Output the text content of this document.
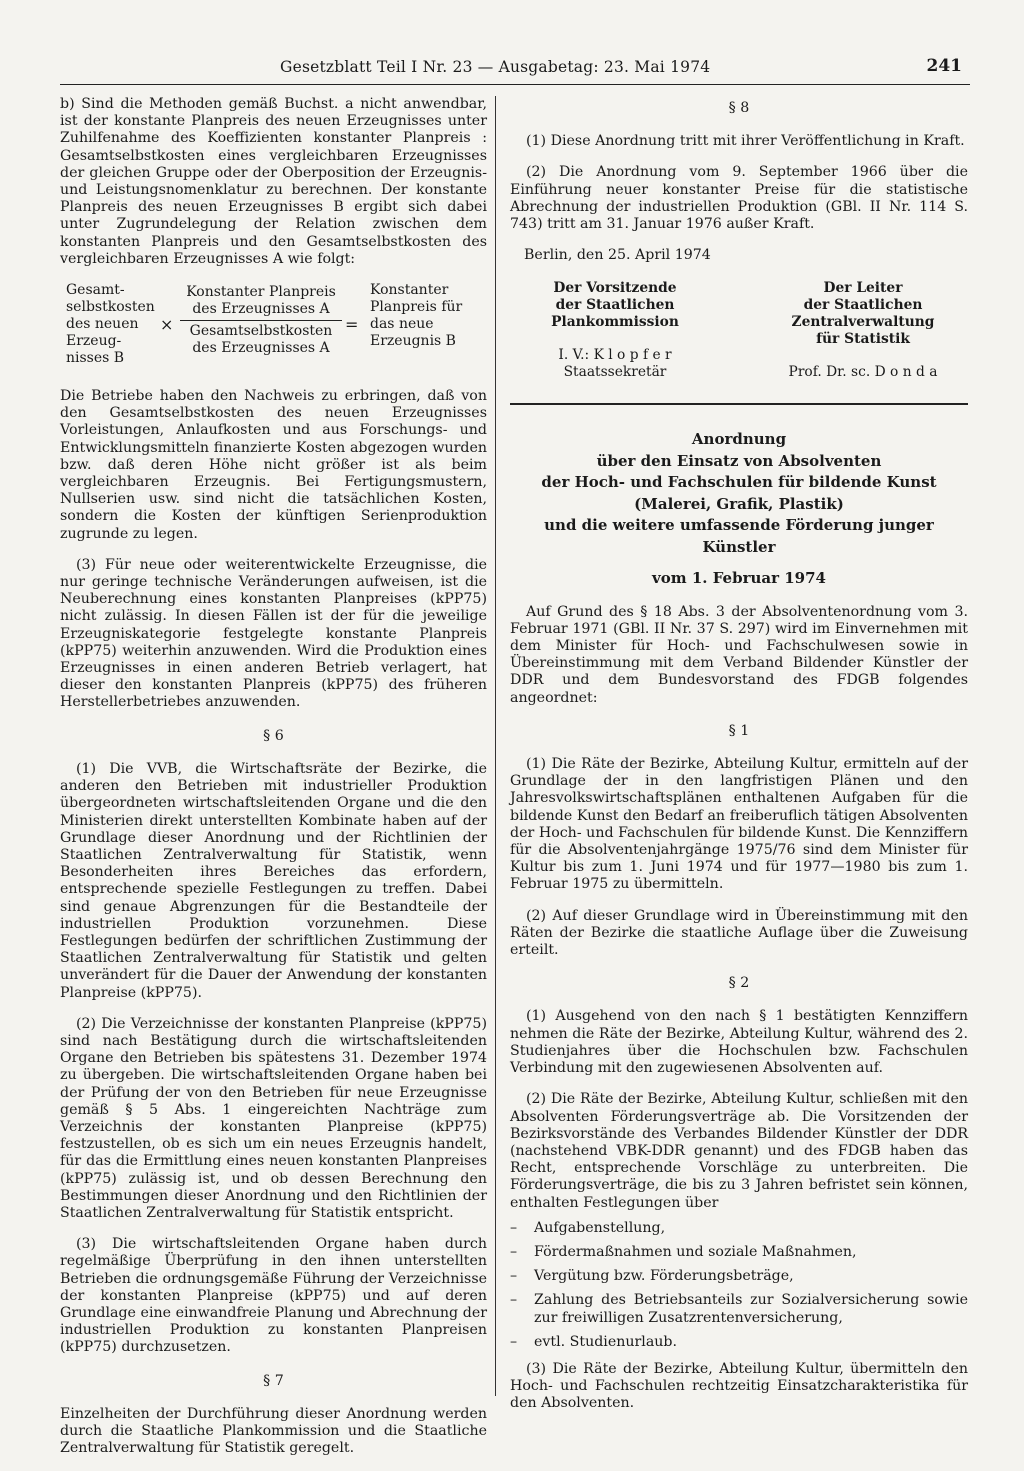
Gesetzblatt Teil I Nr. 23 — Ausgabetag: 23. Mai 1974	241

b) Sind die Methoden gemäß Buchst. a nicht anwendbar, ist der konstante Planpreis des neuen Erzeugnisses unter Zuhilfenahme des Koeffizienten konstanter Planpreis : Gesamtselbstkosten eines vergleichbaren Erzeugnisses der gleichen Gruppe oder der Oberposition der Erzeugnis- und Leistungsnomenklatur zu berechnen. Der konstante Planpreis des neuen Erzeugnisses B ergibt sich dabei unter Zugrundelegung der Relation zwischen dem konstanten Planpreis und den Gesamtselbstkosten des vergleichbaren Erzeugnisses A wie folgt:

Gesamt-
selbstkosten
des neuen
Erzeug-
nisses B
×
Konstanter Planpreis des Erzeugnisses A
Gesamtselbstkosten des Erzeugnisses A
=
Konstanter
Planpreis für
das neue
Erzeugnis B

Die Betriebe haben den Nachweis zu erbringen, daß von den Gesamtselbstkosten des neuen Erzeugnisses Vorleistungen, Anlaufkosten und aus Forschungs- und Entwicklungsmitteln finanzierte Kosten abgezogen wurden bzw. daß deren Höhe nicht größer ist als beim vergleichbaren Erzeugnis. Bei Fertigungsmustern, Nullserien usw. sind nicht die tatsächlichen Kosten, sondern die Kosten der künftigen Serienproduktion zugrunde zu legen.

(3) Für neue oder weiterentwickelte Erzeugnisse, die nur geringe technische Veränderungen aufweisen, ist die Neuberechnung eines konstanten Planpreises (kPP75) nicht zulässig. In diesen Fällen ist der für die jeweilige Erzeugniskategorie festgelegte konstante Planpreis (kPP75) weiterhin anzuwenden. Wird die Produktion eines Erzeugnisses in einen anderen Betrieb verlagert, hat dieser den konstanten Planpreis (kPP75) des früheren Herstellerbetriebes anzuwenden.

§ 6

(1) Die VVB, die Wirtschaftsräte der Bezirke, die anderen den Betrieben mit industrieller Produktion übergeordneten wirtschaftsleitenden Organe und die den Ministerien direkt unterstellten Kombinate haben auf der Grundlage dieser Anordnung und der Richtlinien der Staatlichen Zentralverwaltung für Statistik, wenn Besonderheiten ihres Bereiches das erfordern, entsprechende spezielle Festlegungen zu treffen. Dabei sind genaue Abgrenzungen für die Bestandteile der industriellen Produktion vorzunehmen. Diese Festlegungen bedürfen der schriftlichen Zustimmung der Staatlichen Zentralverwaltung für Statistik und gelten unverändert für die Dauer der Anwendung der konstanten Planpreise (kPP75).

(2) Die Verzeichnisse der konstanten Planpreise (kPP75) sind nach Bestätigung durch die wirtschaftsleitenden Organe den Betrieben bis spätestens 31. Dezember 1974 zu übergeben. Die wirtschaftsleitenden Organe haben bei der Prüfung der von den Betrieben für neue Erzeugnisse gemäß § 5 Abs. 1 eingereichten Nachträge zum Verzeichnis der konstanten Planpreise (kPP75) festzustellen, ob es sich um ein neues Erzeugnis handelt, für das die Ermittlung eines neuen konstanten Planpreises (kPP75) zulässig ist, und ob dessen Berechnung den Bestimmungen dieser Anordnung und den Richtlinien der Staatlichen Zentralverwaltung für Statistik entspricht.

(3) Die wirtschaftsleitenden Organe haben durch regelmäßige Überprüfung in den ihnen unterstellten Betrieben die ordnungsgemäße Führung der Verzeichnisse der konstanten Planpreise (kPP75) und auf deren Grundlage eine einwandfreie Planung und Abrechnung der industriellen Produktion zu konstanten Planpreisen (kPP75) durchzusetzen.

§ 7

Einzelheiten der Durchführung dieser Anordnung werden durch die Staatliche Plankommission und die Staatliche Zentralverwaltung für Statistik geregelt.

§ 8

(1) Diese Anordnung tritt mit ihrer Veröffentlichung in Kraft.

(2) Die Anordnung vom 9. September 1966 über die Einführung neuer konstanter Preise für die statistische Abrechnung der industriellen Produktion (GBl. II Nr. 114 S. 743) tritt am 31. Januar 1976 außer Kraft.

Berlin, den 25. April 1974
Der Vorsitzende
der Staatlichen
Plankommission
I. V.: K l o p f e r
Staatssekretär
Der Leiter
der Staatlichen
Zentralverwaltung
für Statistik
Prof. Dr. sc. D o n d a
Anordnung
über den Einsatz von Absolventen
der Hoch- und Fachschulen für bildende Kunst
(Malerei, Grafik, Plastik)
und die weitere umfassende Förderung junger Künstler
vom 1. Februar 1974

Auf Grund des § 18 Abs. 3 der Absolventenordnung vom 3. Februar 1971 (GBl. II Nr. 37 S. 297) wird im Einvernehmen mit dem Minister für Hoch- und Fachschulwesen sowie in Übereinstimmung mit dem Verband Bildender Künstler der DDR und dem Bundesvorstand des FDGB folgendes angeordnet:

§ 1

(1) Die Räte der Bezirke, Abteilung Kultur, ermitteln auf der Grundlage der in den langfristigen Plänen und den Jahresvolkswirtschaftsplänen enthaltenen Aufgaben für die bildende Kunst den Bedarf an freiberuflich tätigen Absolventen der Hoch- und Fachschulen für bildende Kunst. Die Kennziffern für die Absolventenjahrgänge 1975/76 sind dem Minister für Kultur bis zum 1. Juni 1974 und für 1977—1980 bis zum 1. Februar 1975 zu übermitteln.

(2) Auf dieser Grundlage wird in Übereinstimmung mit den Räten der Bezirke die staatliche Auflage über die Zuweisung erteilt.

§ 2

(1) Ausgehend von den nach § 1 bestätigten Kennziffern nehmen die Räte der Bezirke, Abteilung Kultur, während des 2. Studienjahres über die Hochschulen bzw. Fachschulen Verbindung mit den zugewiesenen Absolventen auf.

(2) Die Räte der Bezirke, Abteilung Kultur, schließen mit den Absolventen Förderungsverträge ab. Die Vorsitzenden der Bezirksvorstände des Verbandes Bildender Künstler der DDR (nachstehend VBK-DDR genannt) und des FDGB haben das Recht, entsprechende Vorschläge zu unterbreiten. Die Förderungsverträge, die bis zu 3 Jahren befristet sein können, enthalten Festlegungen über

– Aufgabenstellung,
– Fördermaßnahmen und soziale Maßnahmen,
– Vergütung bzw. Förderungsbeträge,
– Zahlung des Betriebsanteils zur Sozialversicherung sowie zur freiwilligen Zusatzrentenversicherung,
– evtl. Studienurlaub.

(3) Die Räte der Bezirke, Abteilung Kultur, übermitteln den Hoch- und Fachschulen rechtzeitig Einsatzcharakteristika für den Absolventen.
